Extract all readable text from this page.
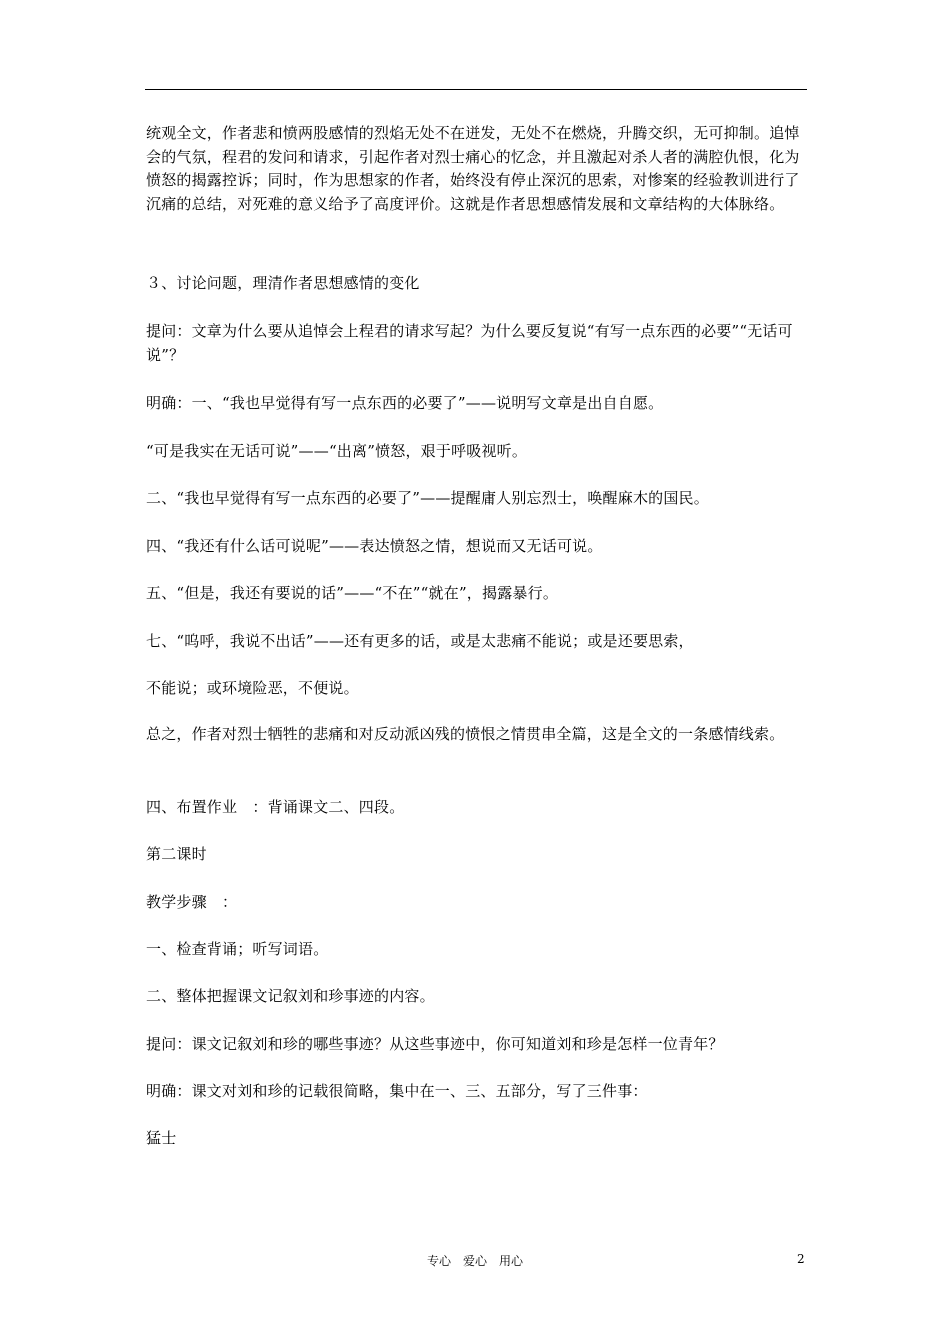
统观全文，作者悲和愤两股感情的烈焰无处不在迸发，无处不在燃烧，升腾交织，无可抑制。追悼会的气氛，程君的发问和请求，引起作者对烈士痛心的忆念，并且激起对杀人者的满腔仇恨，化为愤怒的揭露控诉；同时，作为思想家的作者，始终没有停止深沉的思索，对惨案的经验教训进行了沉痛的总结，对死难的意义给予了高度评价。这就是作者思想感情发展和文章结构的大体脉络。

３、讨论问题，理清作者思想感情的变化

提问：文章为什么要从追悼会上程君的请求写起？为什么要反复说“有写一点东西的必要”“无话可说”？

明确：一、“我也早觉得有写一点东西的必要了”——说明写文章是出自自愿。

“可是我实在无话可说”——“出离”愤怒，艰于呼吸视听。

二、“我也早觉得有写一点东西的必要了”——提醒庸人别忘烈士，唤醒麻木的国民。

四、“我还有什么话可说呢”——表达愤怒之情，想说而又无话可说。

五、“但是，我还有要说的话”——“不在”“就在”，揭露暴行。

七、“呜呼，我说不出话”——还有更多的话，或是太悲痛不能说；或是还要思索，

不能说；或环境险恶，不便说。

总之，作者对烈士牺牲的悲痛和对反动派凶残的愤恨之情贯串全篇，这是全文的一条感情线索。

四、布置作业　：背诵课文二、四段。

第二课时

教学步骤　：

一、检查背诵；听写词语。

二、整体把握课文记叙刘和珍事迹的内容。

提问：课文记叙刘和珍的哪些事迹？从这些事迹中，你可知道刘和珍是怎样一位青年？

明确：课文对刘和珍的记载很简略，集中在一、三、五部分，写了三件事：

猛士

专心　爱心　用心	2
